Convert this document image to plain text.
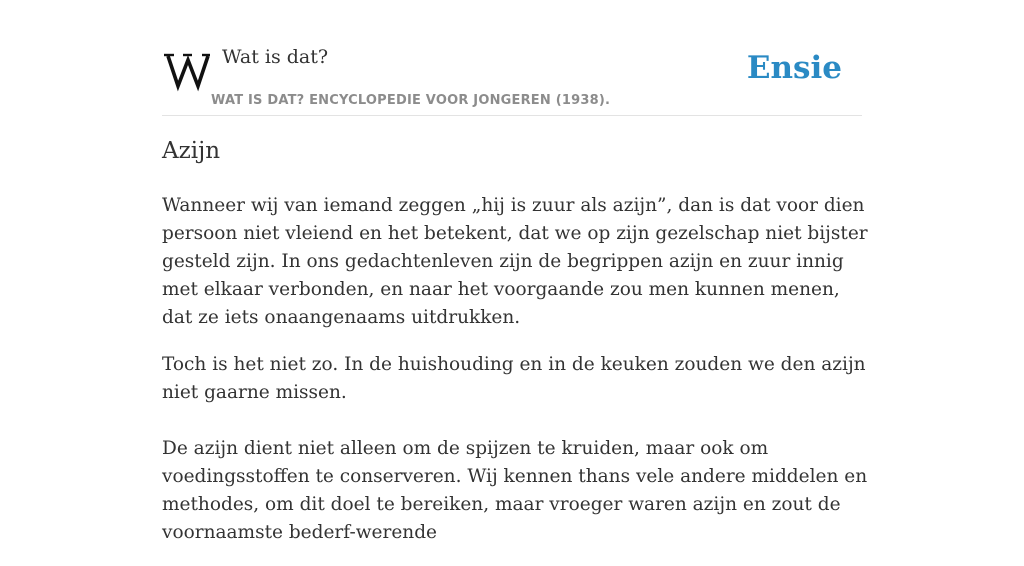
Wat is dat?
WAT IS DAT? ENCYCLOPEDIE VOOR JONGEREN (1938).
Ensie
Azijn

Wanneer wij van iemand zeggen „hij is zuur als azijn”, dan is dat voor dien persoon niet vleiend en het betekent, dat we op zijn gezelschap niet bijster gesteld zijn. In ons gedachtenleven zijn de begrippen azijn en zuur innig met elkaar verbonden, en naar het voorgaande zou men kunnen menen, dat ze iets onaangenaams uitdrukken.

Toch is het niet zo. In de huishouding en in de keuken zouden we den azijn niet gaarne missen.

De azijn dient niet alleen om de spijzen te kruiden, maar ook om voedingsstoffen te conserveren. Wij kennen thans vele andere middelen en methodes, om dit doel te bereiken, maar vroeger waren azijn en zout de voornaamste bederf-werende
